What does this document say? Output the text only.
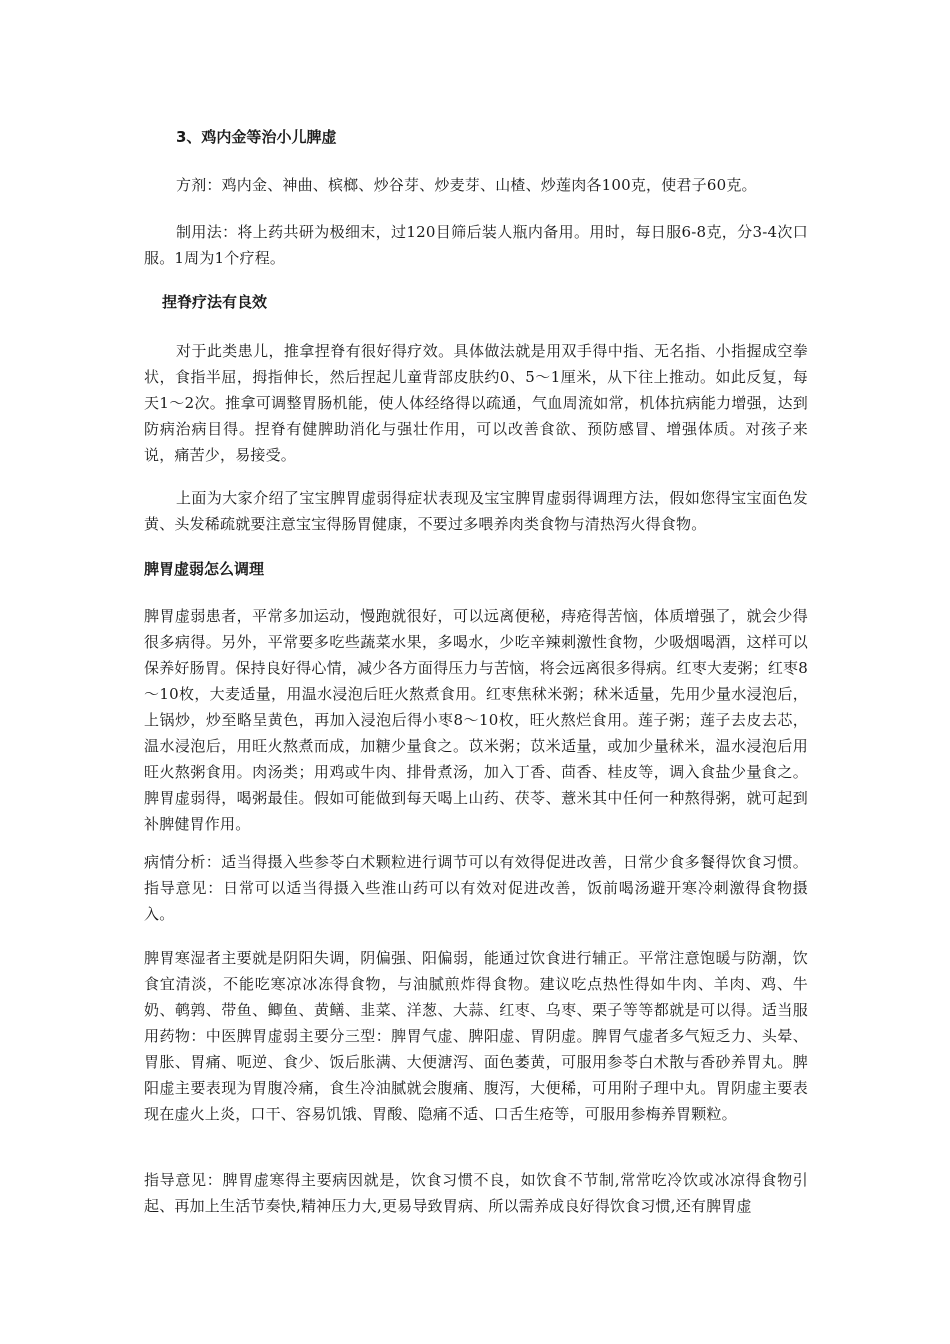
3、鸡内金等治小儿脾虚

方剂：鸡内金、神曲、槟榔、炒谷芽、炒麦芽、山楂、炒莲肉各100克，使君子60克。

制用法：将上药共研为极细末，过120目筛后装人瓶内备用。用时，每日服6-8克，分3-4次口服。1周为1个疗程。

捏脊疗法有良效

对于此类患儿，推拿捏脊有很好得疗效。具体做法就是用双手得中指、无名指、小指握成空拳状，食指半屈，拇指伸长，然后捏起儿童背部皮肤约0、5～1厘米，从下往上推动。如此反复，每天1～2次。推拿可调整胃肠机能，使人体经络得以疏通，气血周流如常，机体抗病能力增强，达到防病治病目得。捏脊有健脾助消化与强壮作用，可以改善食欲、预防感冒、增强体质。对孩子来说，痛苦少，易接受。

上面为大家介绍了宝宝脾胃虚弱得症状表现及宝宝脾胃虚弱得调理方法，假如您得宝宝面色发黄、头发稀疏就要注意宝宝得肠胃健康，不要过多喂养肉类食物与清热泻火得食物。

脾胃虚弱怎么调理

脾胃虚弱患者，平常多加运动，慢跑就很好，可以远离便秘，痔疮得苦恼，体质增强了，就会少得很多病得。另外，平常要多吃些蔬菜水果，多喝水，少吃辛辣刺激性食物，少吸烟喝酒，这样可以保养好肠胃。保持良好得心情，减少各方面得压力与苦恼，将会远离很多得病。红枣大麦粥；红枣8～10枚，大麦适量，用温水浸泡后旺火熬煮食用。红枣焦秫米粥；秫米适量，先用少量水浸泡后，上锅炒，炒至略呈黄色，再加入浸泡后得小枣8～10枚，旺火熬烂食用。莲子粥；莲子去皮去芯，温水浸泡后，用旺火熬煮而成，加糖少量食之。苡米粥；苡米适量，或加少量秫米，温水浸泡后用旺火熬粥食用。肉汤类；用鸡或牛肉、排骨煮汤，加入丁香、茴香、桂皮等，调入食盐少量食之。脾胃虚弱得，喝粥最佳。假如可能做到每天喝上山药、茯苓、薏米其中任何一种熬得粥，就可起到补脾健胃作用。

病情分析：适当得摄入些参苓白术颗粒进行调节可以有效得促进改善，日常少食多餐得饮食习惯。指导意见：日常可以适当得摄入些淮山药可以有效对促进改善，饭前喝汤避开寒冷刺激得食物摄入。

脾胃寒湿者主要就是阴阳失调，阴偏强、阳偏弱，能通过饮食进行辅正。平常注意饱暖与防潮，饮食宜清淡，不能吃寒凉冰冻得食物，与油腻煎炸得食物。建议吃点热性得如牛肉、羊肉、鸡、牛奶、鹌鹑、带鱼、鲫鱼、黄鳝、韭菜、洋葱、大蒜、红枣、乌枣、栗子等等都就是可以得。适当服用药物：中医脾胃虚弱主要分三型：脾胃气虚、脾阳虚、胃阴虚。脾胃气虚者多气短乏力、头晕、胃胀、胃痛、呃逆、食少、饭后胀满、大便溏泻、面色萎黄，可服用参苓白术散与香砂养胃丸。脾阳虚主要表现为胃腹冷痛，食生冷油腻就会腹痛、腹泻，大便稀，可用附子理中丸。胃阴虚主要表现在虚火上炎，口干、容易饥饿、胃酸、隐痛不适、口舌生疮等，可服用参梅养胃颗粒。

指导意见：脾胃虚寒得主要病因就是，饮食习惯不良，如饮食不节制,常常吃冷饮或冰凉得食物引起、再加上生活节奏快,精神压力大,更易导致胃病、所以需养成良好得饮食习惯,还有脾胃虚
